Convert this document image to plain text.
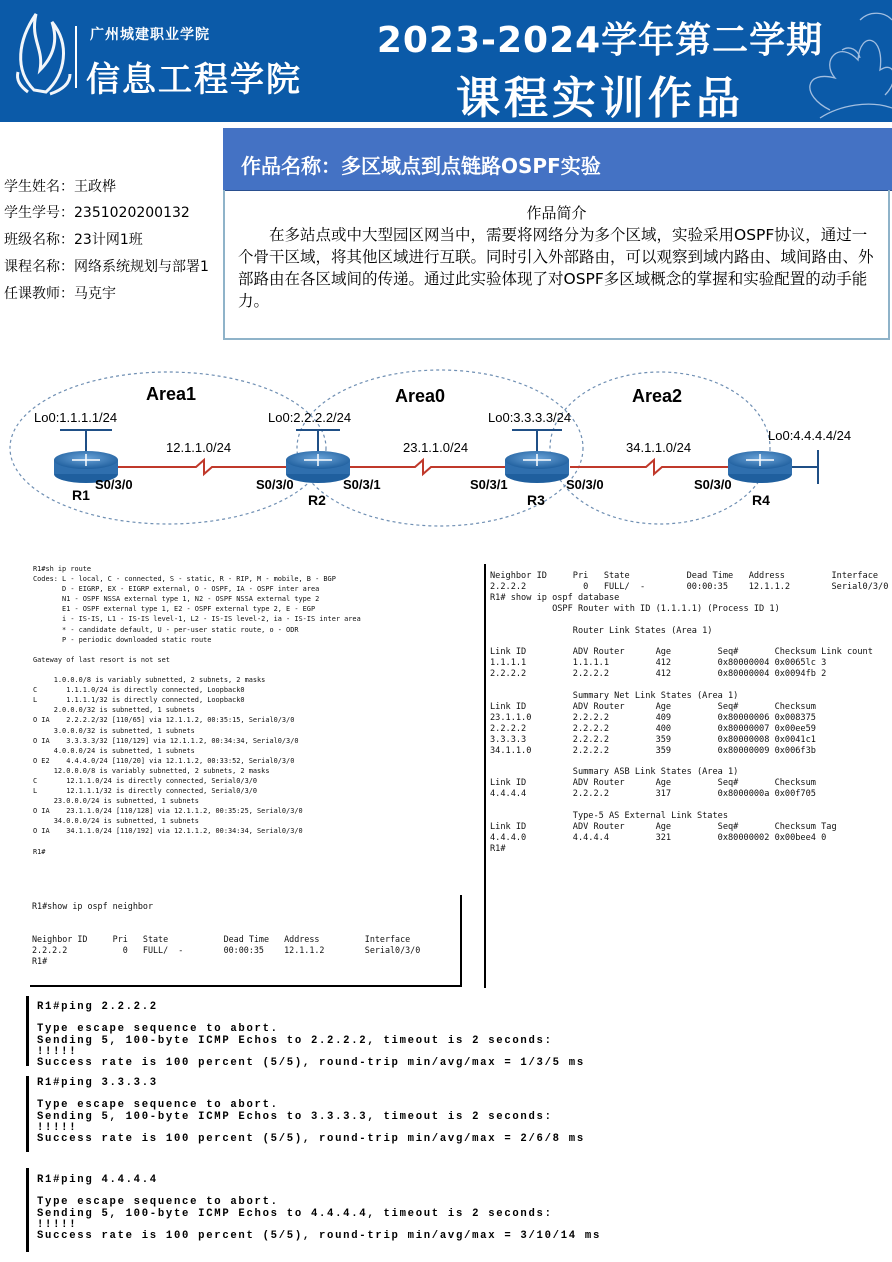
广州城建职业学院
信息工程学院
2023-2024学年第二学期
课程实训作品
学生姓名：王政桦
学生学号：2351020200132
班级名称：23计网1班
课程名称：网络系统规划与部署1
任课教师：马克宇
作品名称：多区域点到点链路OSPF实验
作品简介
在多站点或中大型园区网当中，需要将网络分为多个区域，实验采用OSPF协议，通过一个骨干区域，将其他区域进行互联。同时引入外部路由，可以观察到域内路由、域间路由、外部路由在各区域间的传递。通过此实验体现了对OSPF多区域概念的掌握和实验配置的动手能力。
Area1	Area0	Area2
Lo0:1.1.1.1/24	Lo0:2.2.2.2/24	Lo0:3.3.3.3/24
Lo0:4.4.4.4/24
12.1.1.0/24	23.1.1.0/24	34.1.1.0/24
S0/3/0	S0/3/0	S0/3/1	S0/3/1	S0/3/0	S0/3/0
R1	R2	R3	R4
R1#sh ip route
Codes: L - local, C - connected, S - static, R - RIP, M - mobile, B - BGP
D - EIGRP, EX - EIGRP external, O - OSPF, IA - OSPF inter area
N1 - OSPF NSSA external type 1, N2 - OSPF NSSA external type 2
E1 - OSPF external type 1, E2 - OSPF external type 2, E - EGP
i - IS-IS, L1 - IS-IS level-1, L2 - IS-IS level-2, ia - IS-IS inter area
* - candidate default, U - per-user static route, o - ODR
P - periodic downloaded static route

Gateway of last resort is not set

1.0.0.0/8 is variably subnetted, 2 subnets, 2 masks
C       1.1.1.0/24 is directly connected, Loopback0
L       1.1.1.1/32 is directly connected, Loopback0
2.0.0.0/32 is subnetted, 1 subnets
O IA    2.2.2.2/32 [110/65] via 12.1.1.2, 00:35:15, Serial0/3/0
3.0.0.0/32 is subnetted, 1 subnets
O IA    3.3.3.3/32 [110/129] via 12.1.1.2, 00:34:34, Serial0/3/0
4.0.0.0/24 is subnetted, 1 subnets
O E2    4.4.4.0/24 [110/20] via 12.1.1.2, 00:33:52, Serial0/3/0
12.0.0.0/8 is variably subnetted, 2 subnets, 2 masks
C       12.1.1.0/24 is directly connected, Serial0/3/0
L       12.1.1.1/32 is directly connected, Serial0/3/0
23.0.0.0/24 is subnetted, 1 subnets
O IA    23.1.1.0/24 [110/128] via 12.1.1.2, 00:35:25, Serial0/3/0
34.0.0.0/24 is subnetted, 1 subnets
O IA    34.1.1.0/24 [110/192] via 12.1.1.2, 00:34:34, Serial0/3/0

R1#
R1#show ip ospf neighbor

Neighbor ID     Pri   State           Dead Time   Address         Interface
2.2.2.2           0   FULL/  -        00:00:35    12.1.1.2        Serial0/3/0
R1#
Neighbor ID     Pri   State           Dead Time   Address         Interface
2.2.2.2           0   FULL/  -        00:00:35    12.1.1.2        Serial0/3/0
R1# show ip ospf database
OSPF Router with ID (1.1.1.1) (Process ID 1)

Router Link States (Area 1)

Link ID         ADV Router      Age         Seq#       Checksum Link count
1.1.1.1         1.1.1.1         412         0x80000004 0x0065lc 3
2.2.2.2         2.2.2.2         412         0x80000004 0x0094fb 2

Summary Net Link States (Area 1)
Link ID         ADV Router      Age         Seq#       Checksum
23.1.1.0        2.2.2.2         409         0x80000006 0x008375
2.2.2.2         2.2.2.2         400         0x80000007 0x00ee59
3.3.3.3         2.2.2.2         359         0x80000008 0x0041c1
34.1.1.0        2.2.2.2         359         0x80000009 0x006f3b

Summary ASB Link States (Area 1)
Link ID         ADV Router      Age         Seq#       Checksum
4.4.4.4         2.2.2.2         317         0x8000000a 0x00f705

Type-5 AS External Link States
Link ID         ADV Router      Age         Seq#       Checksum Tag
4.4.4.0         4.4.4.4         321         0x80000002 0x00bee4 0
R1#
R1#ping 2.2.2.2

Type escape sequence to abort.
Sending 5, 100-byte ICMP Echos to 2.2.2.2, timeout is 2 seconds:
!!!!!
Success rate is 100 percent (5/5), round-trip min/avg/max = 1/3/5 ms
R1#ping 3.3.3.3

Type escape sequence to abort.
Sending 5, 100-byte ICMP Echos to 3.3.3.3, timeout is 2 seconds:
!!!!!
Success rate is 100 percent (5/5), round-trip min/avg/max = 2/6/8 ms
R1#ping 4.4.4.4

Type escape sequence to abort.
Sending 5, 100-byte ICMP Echos to 4.4.4.4, timeout is 2 seconds:
!!!!!
Success rate is 100 percent (5/5), round-trip min/avg/max = 3/10/14 ms
